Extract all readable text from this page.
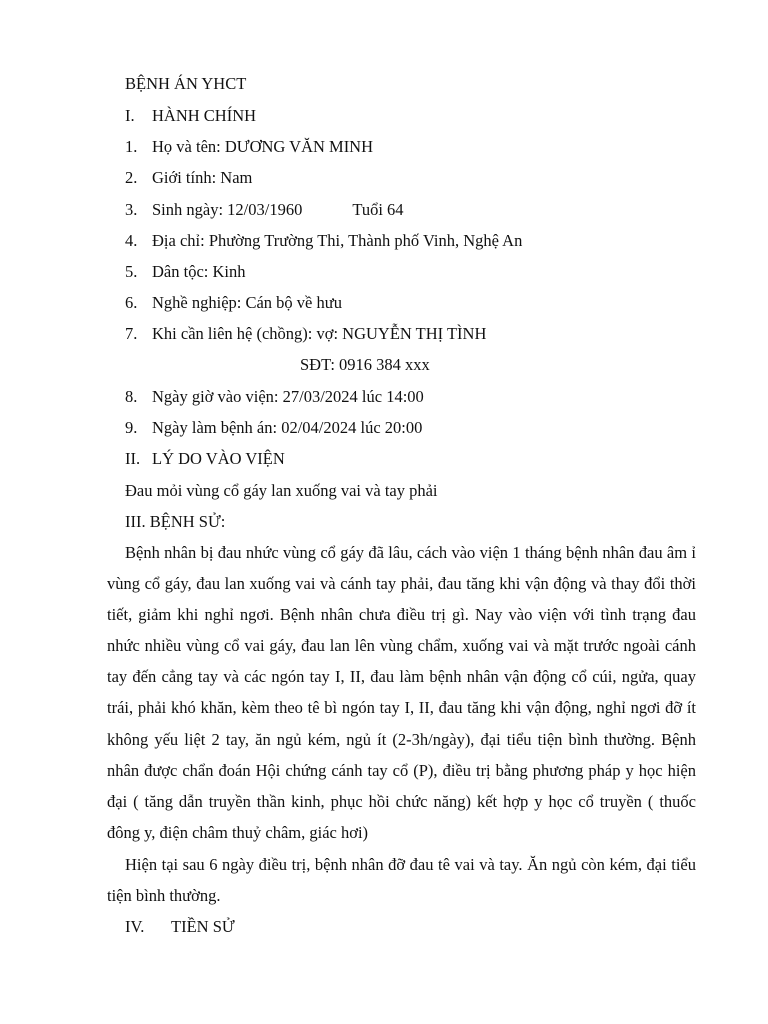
BỆNH ÁN YHCT
I. HÀNH CHÍNH
1. Họ và tên: DƯƠNG VĂN MINH
2. Giới tính: Nam
3. Sinh ngày: 12/03/1960	Tuổi 64
4. Địa chỉ: Phường Trường Thi, Thành phố Vinh, Nghệ An
5. Dân tộc: Kinh
6. Nghề nghiệp: Cán bộ về hưu
7. Khi cần liên hệ (chồng): vợ: NGUYỄN THỊ TÌNH
SĐT: 0916 384 xxx
8. Ngày giờ vào viện: 27/03/2024 lúc 14:00
9. Ngày làm bệnh án: 02/04/2024 lúc 20:00
II. LÝ DO VÀO VIỆN
Đau mỏi vùng cổ gáy lan xuống vai và tay phải
III. BỆNH SỬ:
Bệnh nhân bị đau nhức vùng cổ gáy đã lâu, cách vào viện 1 tháng bệnh nhân đau âm ỉ vùng cổ gáy, đau lan xuống vai và cánh tay phải, đau tăng khi vận động và thay đổi thời tiết, giảm khi nghỉ ngơi. Bệnh nhân chưa điều trị gì. Nay vào viện với tình trạng đau nhức nhiều vùng cổ vai gáy, đau lan lên vùng chẩm, xuống vai và mặt trước ngoài cánh tay đến cẳng tay và các ngón tay I, II, đau làm bệnh nhân vận động cổ cúi, ngửa, quay trái, phải khó khăn, kèm theo tê bì ngón tay I, II, đau tăng khi vận động, nghỉ ngơi đỡ ít không yếu liệt 2 tay, ăn ngủ kém, ngủ ít (2-3h/ngày), đại tiểu tiện bình thường. Bệnh nhân được chẩn đoán Hội chứng cánh tay cổ (P), điều trị bằng phương pháp y học hiện đại ( tăng dẫn truyền thần kinh, phục hồi chức năng) kết hợp y học cổ truyền ( thuốc đông y, điện châm thuỷ châm, giác hơi)
Hiện tại sau 6 ngày điều trị, bệnh nhân đỡ đau tê vai và tay. Ăn ngủ còn kém, đại tiểu tiện bình thường.
IV. TIỀN SỬ
